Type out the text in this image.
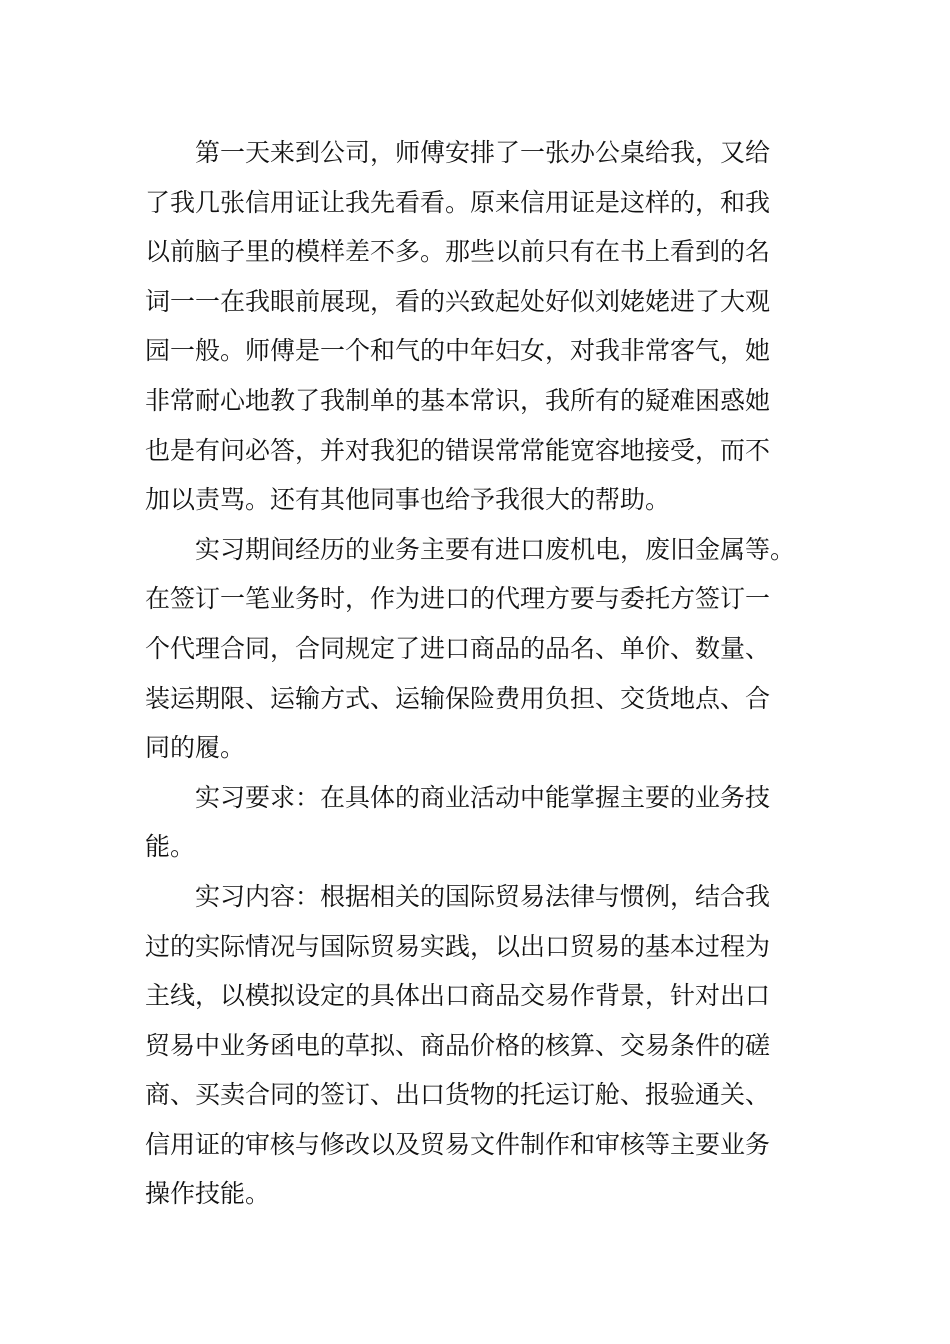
第一天来到公司，师傅安排了一张办公桌给我，又给
了我几张信用证让我先看看。原来信用证是这样的，和我
以前脑子里的模样差不多。那些以前只有在书上看到的名
词一一在我眼前展现，看的兴致起处好似刘姥姥进了大观
园一般。师傅是一个和气的中年妇女，对我非常客气，她
非常耐心地教了我制单的基本常识，我所有的疑难困惑她
也是有问必答，并对我犯的错误常常能宽容地接受，而不
加以责骂。还有其他同事也给予我很大的帮助。

实习期间经历的业务主要有进口废机电，废旧金属等。
在签订一笔业务时，作为进口的代理方要与委托方签订一
个代理合同，合同规定了进口商品的品名、单价、数量、
装运期限、运输方式、运输保险费用负担、交货地点、合
同的履。

实习要求：在具体的商业活动中能掌握主要的业务技
能。

实习内容：根据相关的国际贸易法律与惯例，结合我
过的实际情况与国际贸易实践，以出口贸易的基本过程为
主线，以模拟设定的具体出口商品交易作背景，针对出口
贸易中业务函电的草拟、商品价格的核算、交易条件的磋
商、买卖合同的签订、出口货物的托运订舱、报验通关、
信用证的审核与修改以及贸易文件制作和审核等主要业务
操作技能。
